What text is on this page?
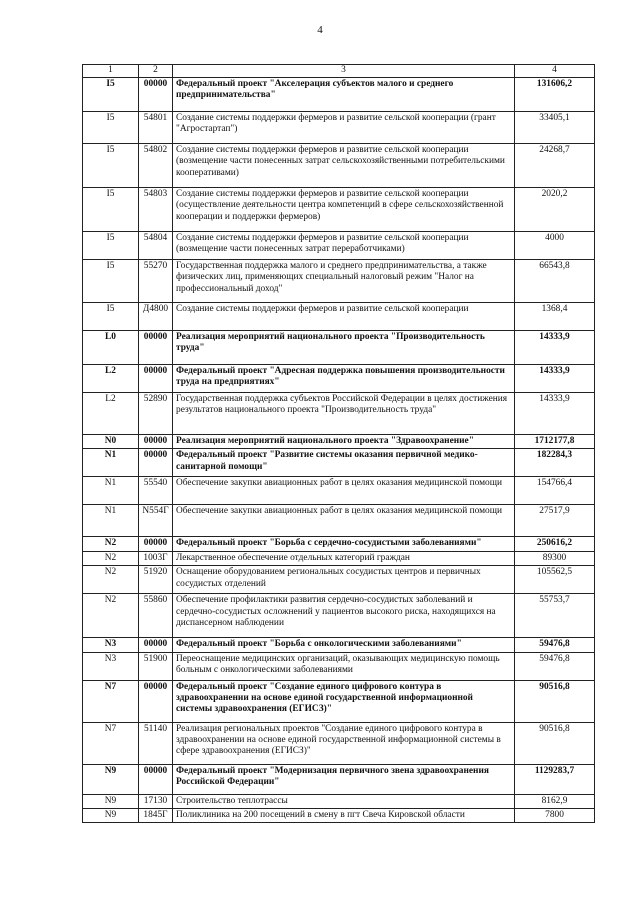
4
1	2	3	4
I5	00000	Федеральный проект "Акселерация субъектов малого и среднего предпринимательства"	131606,2
I5	54801	Создание системы поддержки фермеров и развитие сельской кооперации (грант "Агростартап")	33405,1
I5	54802	Создание системы поддержки фермеров и развитие сельской кооперации (возмещение части понесенных затрат сельскохозяйственными потребительскими кооперативами)	24268,7
I5	54803	Создание системы поддержки фермеров и развитие сельской кооперации (осуществление деятельности центра компетенций в сфере сельскохозяйственной кооперации и поддержки фермеров)	2020,2
I5	54804	Создание системы поддержки фермеров и развитие сельской кооперации (возмещение части понесенных затрат переработчиками)	4000
I5	55270	Государственная поддержка малого и среднего предпринимательства, а также физических лиц, применяющих специальный налоговый режим "Налог на профессиональный доход"	66543,8
I5	Д4800	Создание системы поддержки фермеров и развитие сельской кооперации	1368,4
L0	00000	Реализация мероприятий национального проекта "Производительность труда"	14333,9
L2	00000	Федеральный проект "Адресная поддержка повышения производительности труда на предприятиях"	14333,9
L2	52890	Государственная поддержка субъектов Российской Федерации в целях достижения результатов национального проекта "Производительность труда"	14333,9
N0	00000	Реализация мероприятий национального проекта "Здравоохранение"	1712177,8
N1	00000	Федеральный проект "Развитие системы оказания первичной медико-санитарной помощи"	182284,3
N1	55540	Обеспечение закупки авиационных работ в целях оказания медицинской помощи	154766,4
N1	N554Г	Обеспечение закупки авиационных работ в целях оказания медицинской помощи	27517,9
N2	00000	Федеральный проект "Борьба с сердечно-сосудистыми заболеваниями"	250616,2
N2	1003Г	Лекарственное обеспечение отдельных категорий граждан	89300
N2	51920	Оснащение оборудованием региональных сосудистых центров и первичных сосудистых отделений	105562,5
N2	55860	Обеспечение профилактики развития сердечно-сосудистых заболеваний и сердечно-сосудистых осложнений у пациентов высокого риска, находящихся на диспансерном наблюдении	55753,7
N3	00000	Федеральный проект "Борьба с онкологическими заболеваниями"	59476,8
N3	51900	Переоснащение медицинских организаций, оказывающих медицинскую помощь больным с онкологическими заболеваниями	59476,8
N7	00000	Федеральный проект "Создание единого цифрового контура в здравоохранении на основе единой государственной информационной системы здравоохранения (ЕГИСЗ)"	90516,8
N7	51140	Реализация региональных проектов "Создание единого цифрового контура в здравоохранении на основе единой государственной информационной системы в сфере здравоохранения (ЕГИСЗ)"	90516,8
N9	00000	Федеральный проект "Модернизация первичного звена здравоохранения Российской Федерации"	1129283,7
N9	17130	Строительство теплотрассы	8162,9
N9	1845Г	Поликлиника на 200 посещений в смену в пгт Свеча Кировской области	7800
